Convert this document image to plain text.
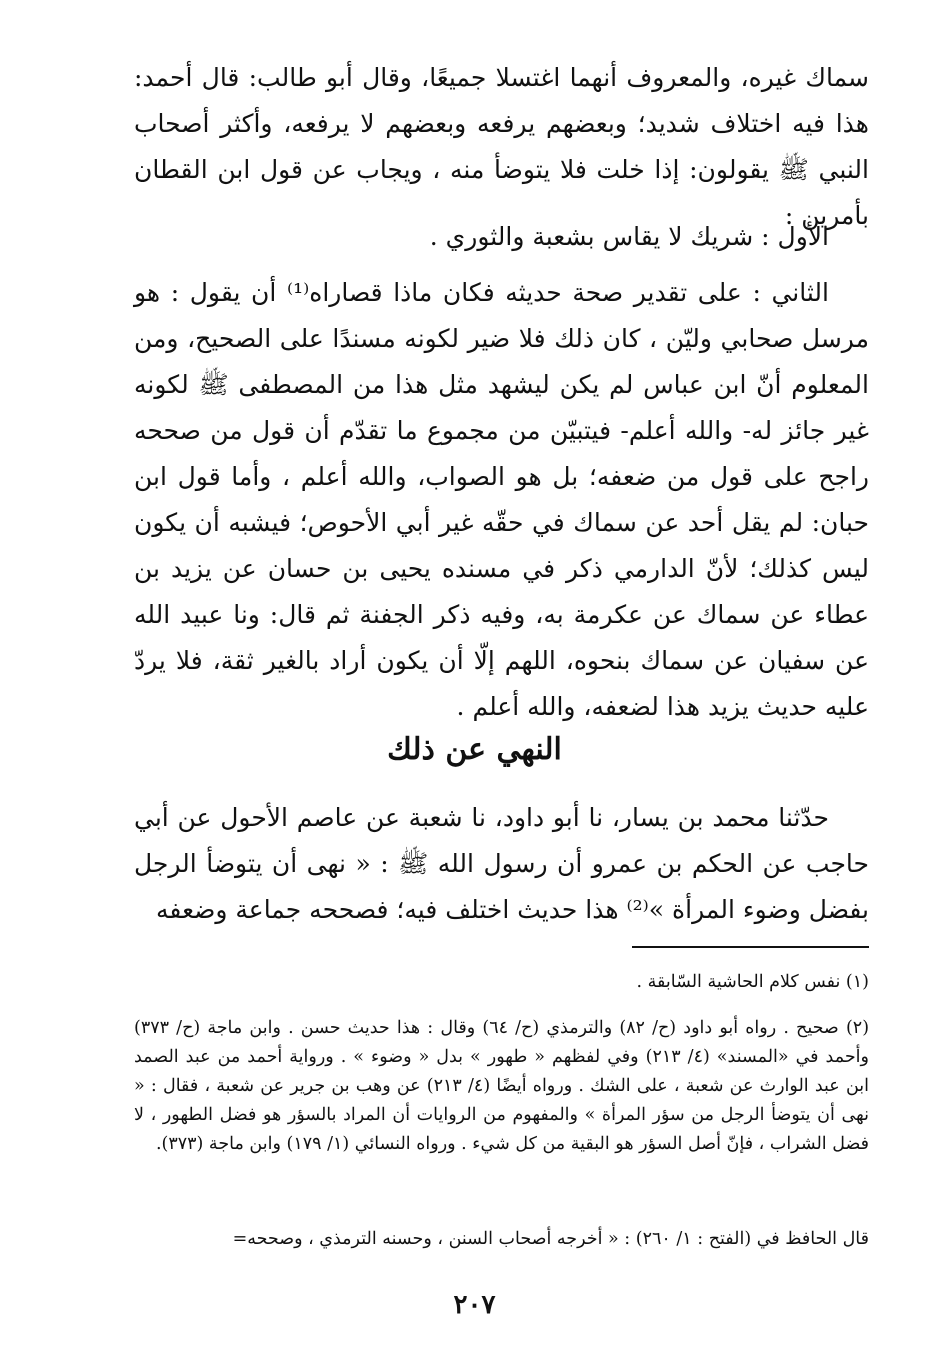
سماك غيره، والمعروف أنهما اغتسلا جميعًا، وقال أبو طالب: قال أحمد: هذا فيه اختلاف شديد؛ وبعضهم يرفعه وبعضهم لا يرفعه، وأكثر أصحاب النبي ﷺ يقولون: إذا خلت فلا يتوضأ منه ، ويجاب عن قول ابن القطان بأمرين :

الأول : شريك لا يقاس بشعبة والثوري .

الثاني : على تقدير صحة حديثه فكان ماذا قصاراه⁽¹⁾ أن يقول : هو مرسل صحابي وليّن ، كان ذلك فلا ضير لكونه مسندًا على الصحيح، ومن المعلوم أنّ ابن عباس لم يكن ليشهد مثل هذا من المصطفى ﷺ لكونه غير جائز له- والله أعلم- فيتبيّن من مجموع ما تقدّم أن قول من صححه راجح على قول من ضعفه؛ بل هو الصواب، والله أعلم ، وأما قول ابن حبان: لم يقل أحد عن سماك في حقّه غير أبي الأحوص؛ فيشبه أن يكون ليس كذلك؛ لأنّ الدارمي ذكر في مسنده يحيى بن حسان عن يزيد بن عطاء عن سماك عن عكرمة به، وفيه ذكر الجفنة ثم قال: ونا عبيد الله عن سفيان عن سماك بنحوه، اللهم إلّا أن يكون أراد بالغير ثقة، فلا يردّ عليه حديث يزيد هذا لضعفه، والله أعلم .

النهي عن ذلك

حدّثنا محمد بن يسار، نا أبو داود، نا شعبة عن عاصم الأحول عن أبي حاجب عن الحكم بن عمرو أن رسول الله ﷺ : « نهى أن يتوضأ الرجل بفضل وضوء المرأة »⁽²⁾ هذا حديث اختلف فيه؛ فصححه جماعة وضعفه

(١) نفس كلام الحاشية السّابقة .

(٢) صحيح . رواه أبو داود (ح/ ٨٢) والترمذي (ح/ ٦٤) وقال : هذا حديث حسن . وابن ماجة (ح/ ٣٧٣) وأحمد في «المسند» (٤/ ٢١٣) وفي لفظهم « طهور » بدل « وضوء » . ورواية أحمد من عبد الصمد ابن عبد الوارث عن شعبة ، على الشك . ورواه أيضًا (٤/ ٢١٣) عن وهب بن جرير عن شعبة ، فقال : « نهى أن يتوضأ الرجل من سؤر المرأة » والمفهوم من الروايات أن المراد بالسؤر هو فضل الطهور ، لا فضل الشراب ، فإنّ أصل السؤر هو البقية من كل شيء . ورواه النسائي (١/ ١٧٩) وابن ماجة (٣٧٣).

قال الحافظ في (الفتح : ١/ ٢٦٠) : « أخرجه أصحاب السنن ، وحسنه الترمذي ، وصححه=

٢٠٧
